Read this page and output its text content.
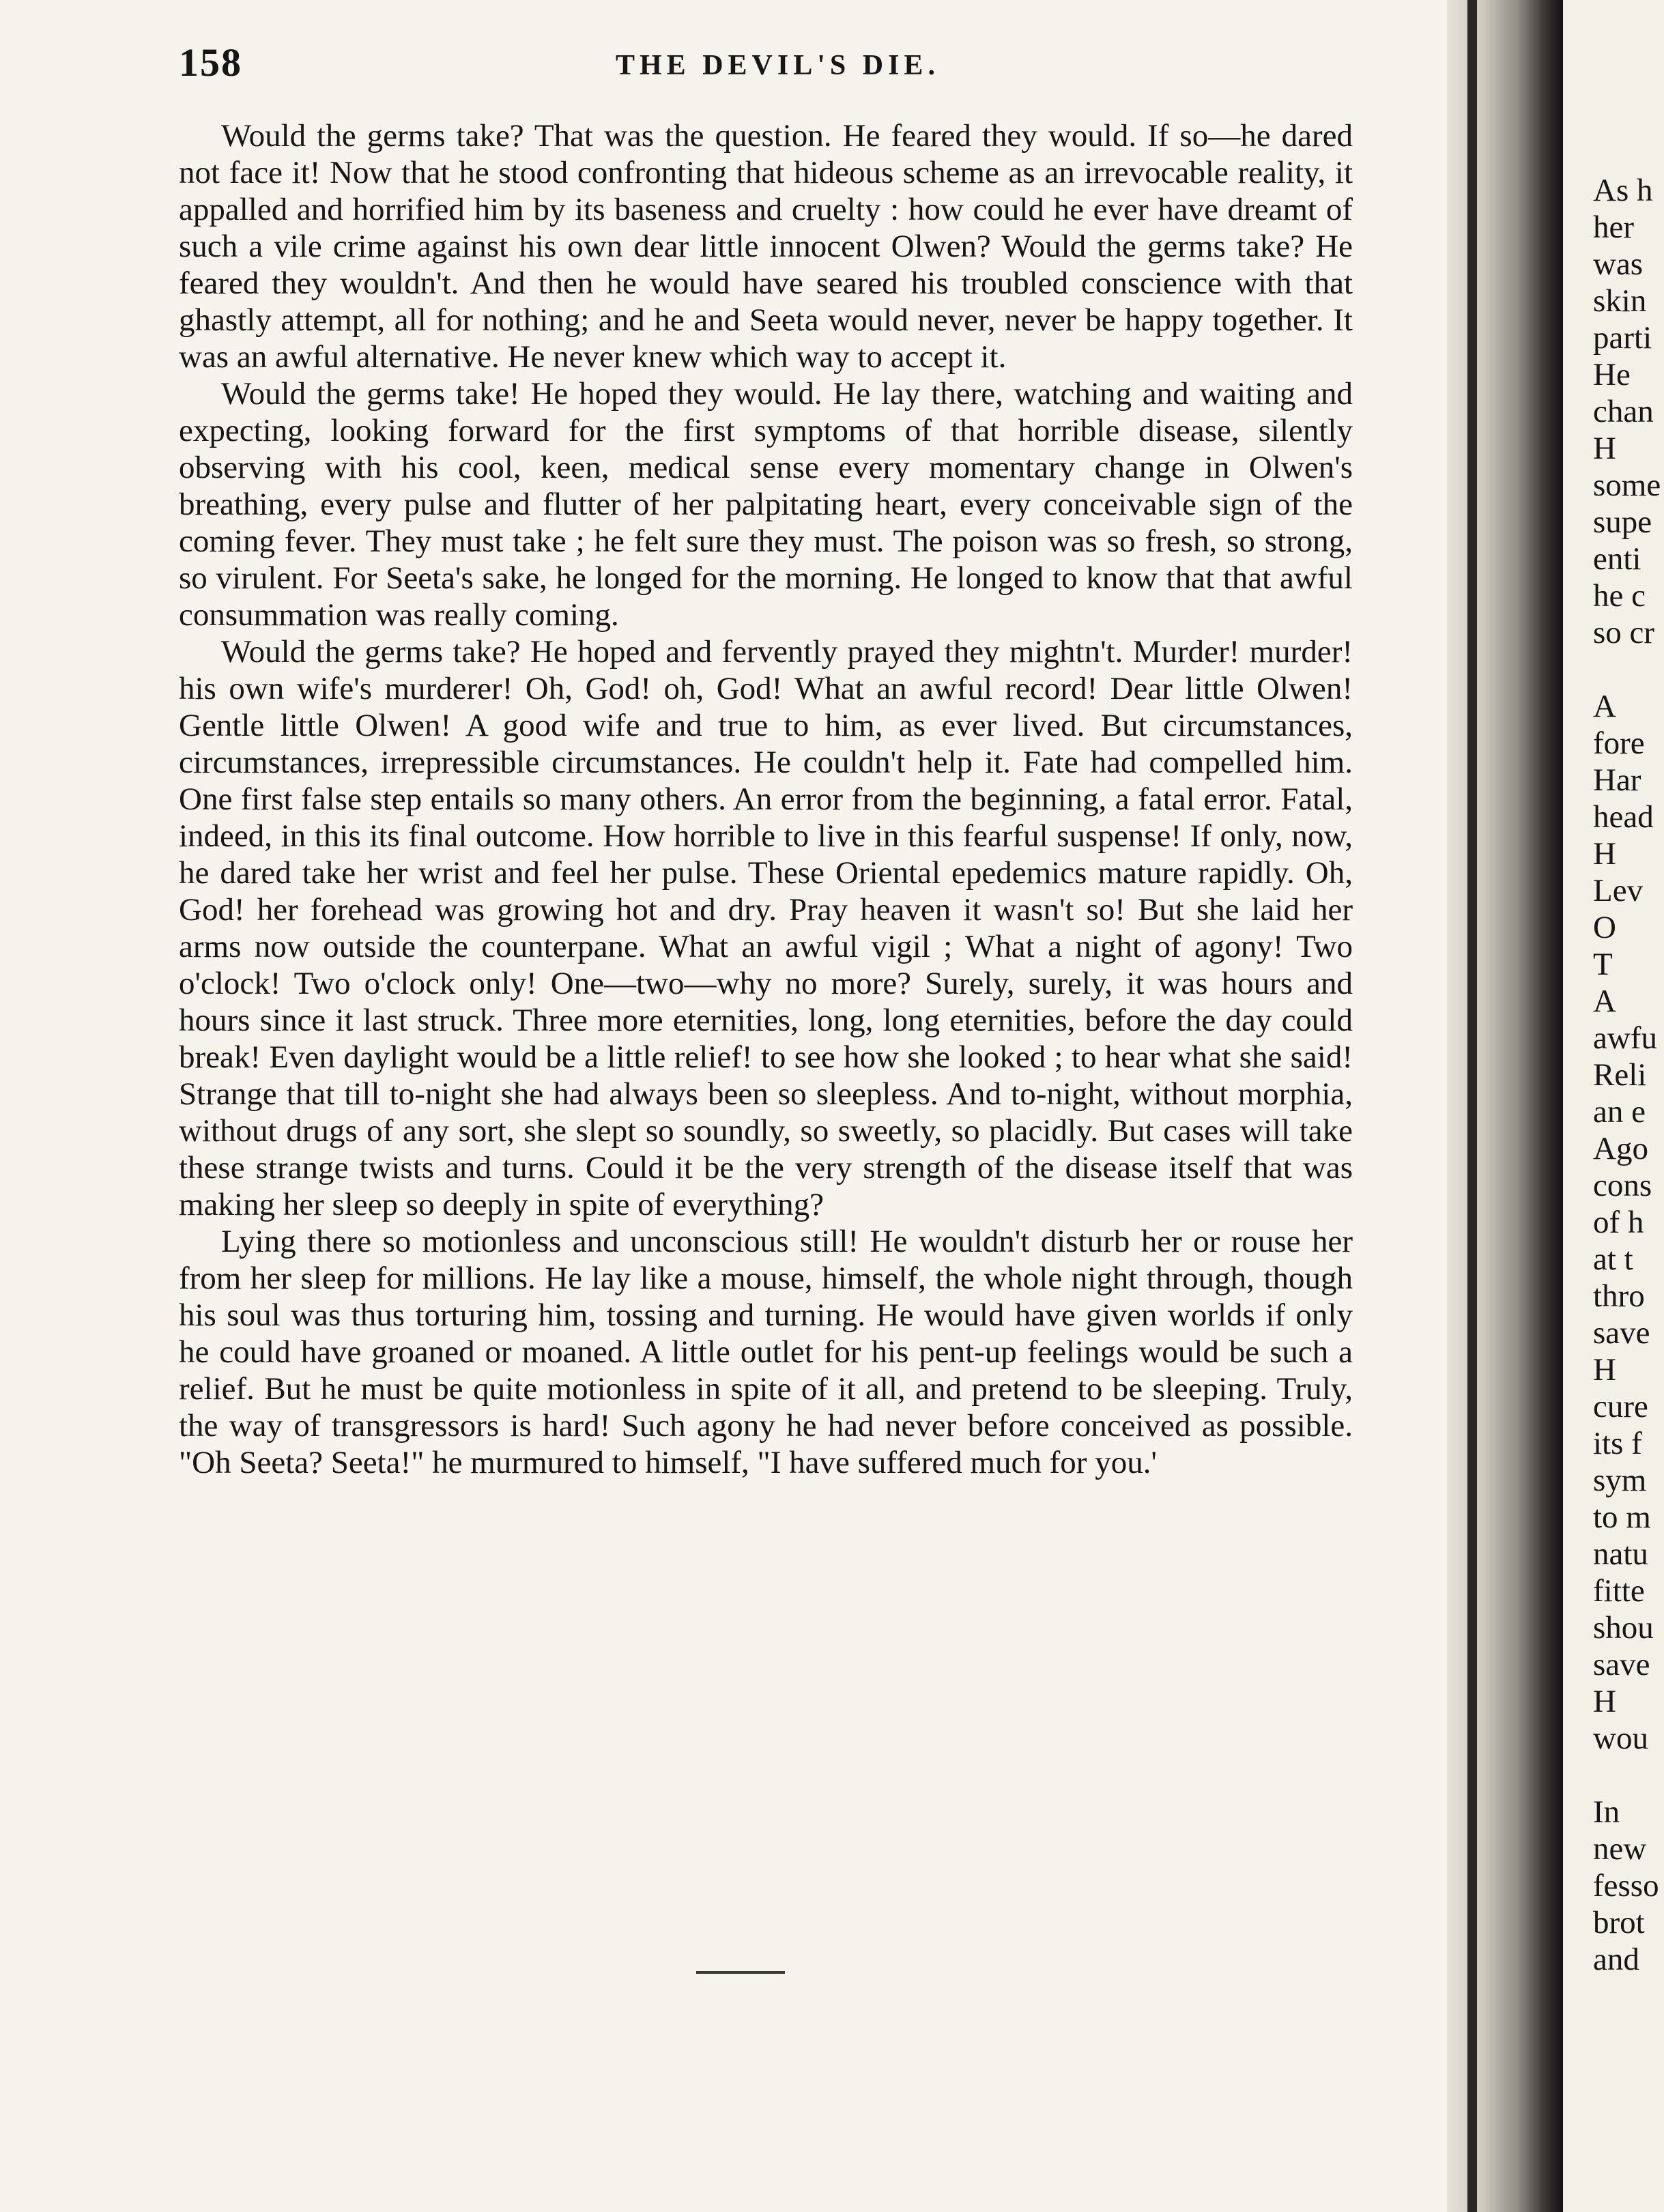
158	THE DEVIL'S DIE.

Would the germs take? That was the question. He feared they would. If so—he dared not face it! Now that he stood confronting that hideous scheme as an irrevocable reality, it appalled and horrified him by its baseness and cruelty : how could he ever have dreamt of such a vile crime against his own dear little innocent Olwen? Would the germs take? He feared they wouldn't. And then he would have seared his troubled conscience with that ghastly attempt, all for nothing; and he and Seeta would never, never be happy together. It was an awful alternative. He never knew which way to accept it.

Would the germs take! He hoped they would. He lay there, watching and waiting and expecting, looking forward for the first symptoms of that horrible disease, silently observing with his cool, keen, medical sense every momentary change in Olwen's breathing, every pulse and flutter of her palpitating heart, every conceivable sign of the coming fever. They must take ; he felt sure they must. The poison was so fresh, so strong, so virulent. For Seeta's sake, he longed for the morning. He longed to know that that awful consummation was really coming.

Would the germs take? He hoped and fervently prayed they mightn't. Murder! murder! his own wife's murderer! Oh, God! oh, God! What an awful record! Dear little Olwen! Gentle little Olwen! A good wife and true to him, as ever lived. But circumstances, circumstances, irrepressible circumstances. He couldn't help it. Fate had compelled him. One first false step entails so many others. An error from the beginning, a fatal error. Fatal, indeed, in this its final outcome. How horrible to live in this fearful suspense! If only, now, he dared take her wrist and feel her pulse. These Oriental epedemics mature rapidly. Oh, God! her forehead was growing hot and dry. Pray heaven it wasn't so! But she laid her arms now outside the counterpane. What an awful vigil ; What a night of agony! Two o'clock! Two o'clock only! One—two—why no more? Surely, surely, it was hours and hours since it last struck. Three more eternities, long, long eternities, before the day could break! Even daylight would be a little relief! to see how she looked ; to hear what she said! Strange that till to-night she had always been so sleepless. And to-night, without morphia, without drugs of any sort, she slept so soundly, so sweetly, so placidly. But cases will take these strange twists and turns. Could it be the very strength of the disease itself that was making her sleep so deeply in spite of everything?

Lying there so motionless and unconscious still! He wouldn't disturb her or rouse her from her sleep for millions. He lay like a mouse, himself, the whole night through, though his soul was thus torturing him, tossing and turning. He would have given worlds if only he could have groaned or moaned. A little outlet for his pent-up feelings would be such a relief. But he must be quite motionless in spite of it all, and pretend to be sleeping. Truly, the way of transgressors is hard! Such agony he had never before conceived as possible. "Oh Seeta? Seeta!" he murmured to himself, "I have suffered much for you.'

As h
her
was
skin
parti
He
chan
H
some
supe
enti
he c
so cr
A
fore
Har
head
H
Lev
O
T
A
awfu
Reli
an e
Ago
cons
of h
at t
thro
save
H
cure
its f
sym
to m
natu
fitte
shou
save
H
wou
In
new
fesso
brot
and
